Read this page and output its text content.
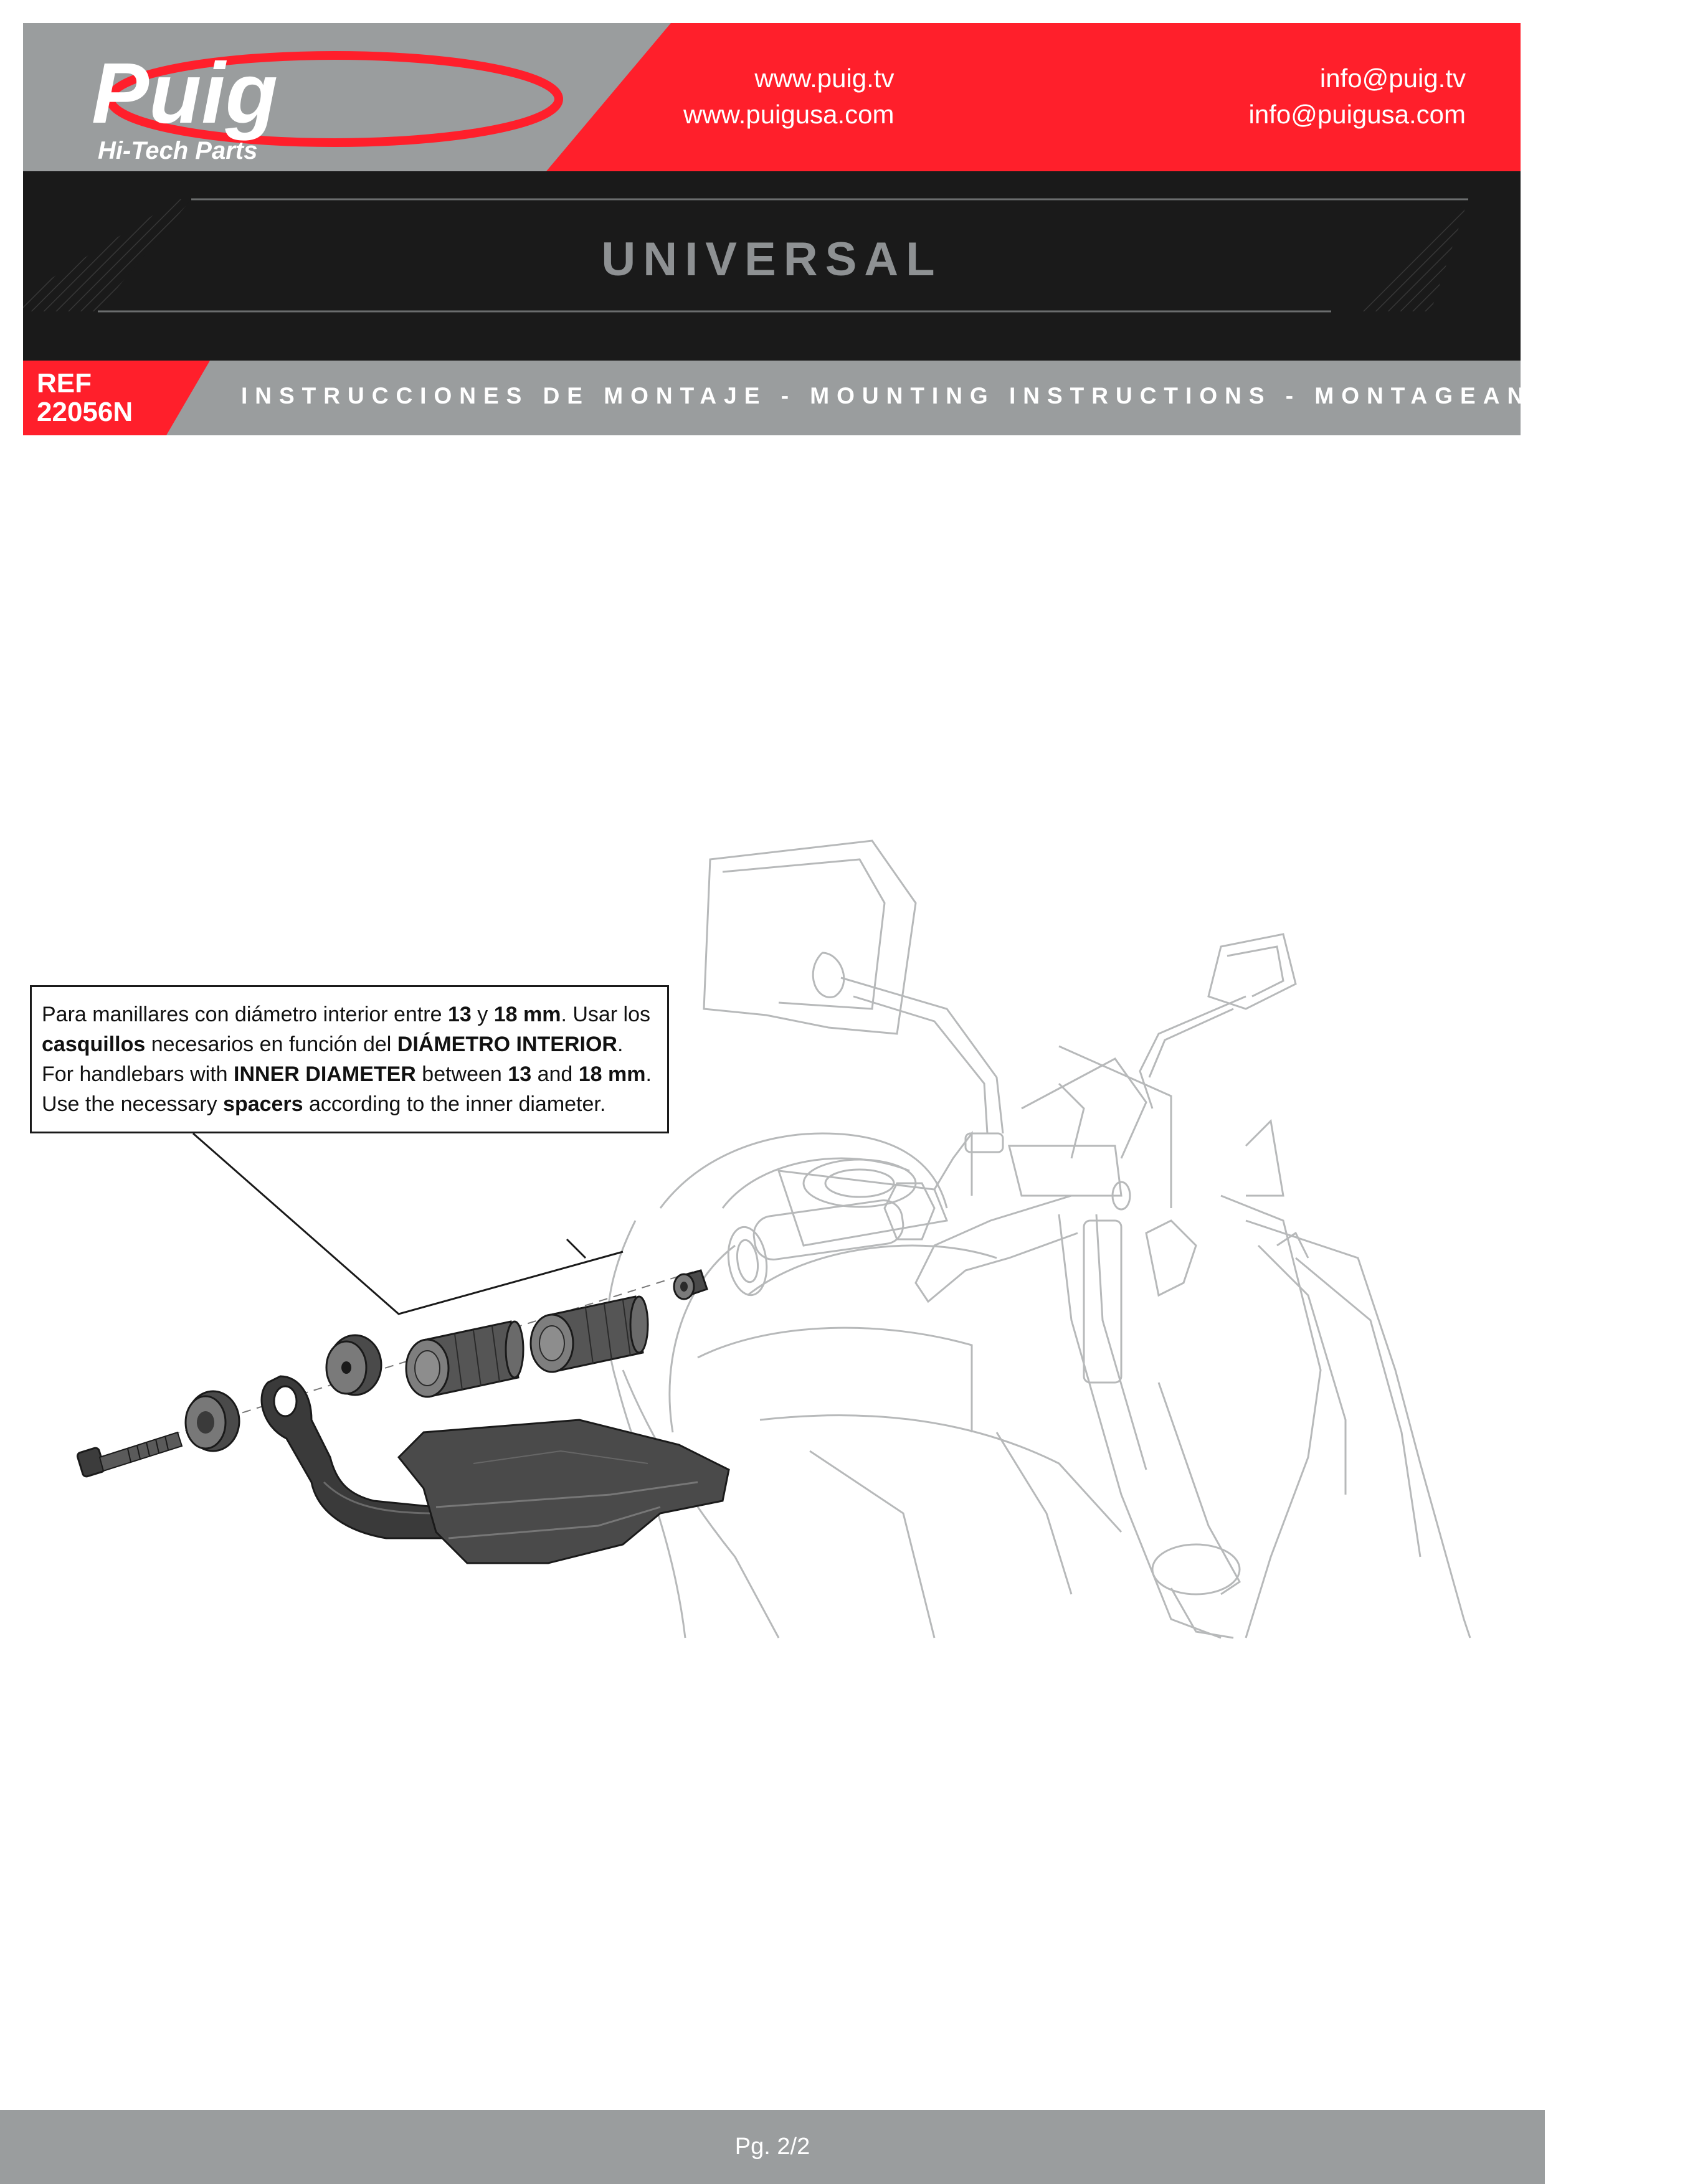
Puig
Hi-Tech Parts
www.puig.tv
www.puigusa.com
info@puig.tv
info@puigusa.com
UNIVERSAL
REF
22056N
INSTRUCCIONES DE MONTAJE - MOUNTING INSTRUCTIONS - MONTAGEANLEITUNG

Para manillares con diámetro interior entre 13 y 18 mm. Usar los

casquillos necesarios en función del DIÁMETRO INTERIOR.

For handlebars with INNER DIAMETER between 13 and 18 mm.

Use the necessary spacers according to the inner diameter.

Pg. 2/2
